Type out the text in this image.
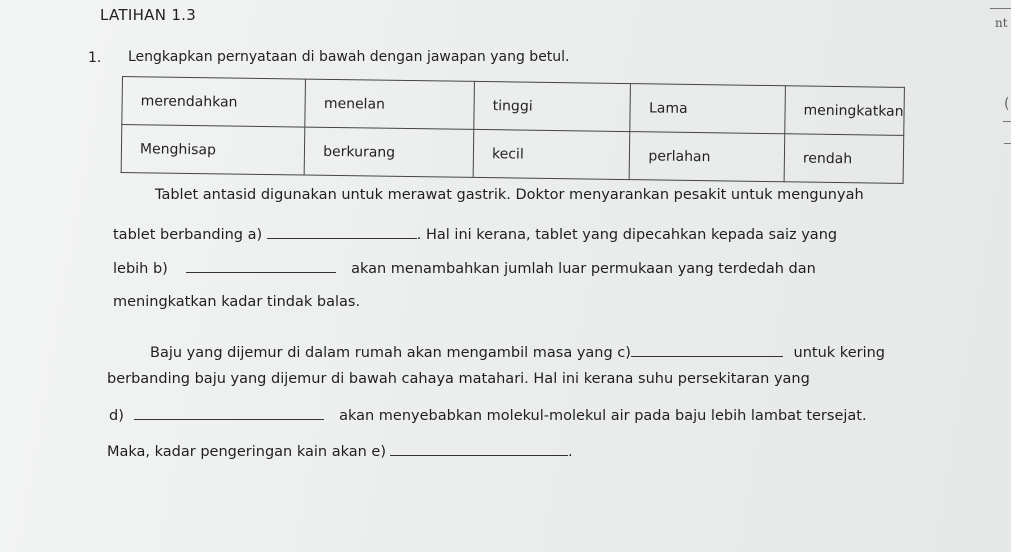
LATIHAN 1.3
1. Lengkapkan pernyataan di bawah dengan jawapan yang betul.
merendahkan	menelan	tinggi	Lama	meningkatkan
Menghisap	berkurang	kecil	perlahan	rendah
Tablet antasid digunakan untuk merawat gastrik. Doktor menyarankan pesakit untuk mengunyah
tablet berbanding a)	. Hal ini kerana, tablet yang dipecahkan kepada saiz yang
lebih b)	akan menambahkan jumlah luar permukaan yang terdedah dan
meningkatkan kadar tindak balas.
Baju yang dijemur di dalam rumah akan mengambil masa yang c)	untuk kering
berbanding baju yang dijemur di bawah cahaya matahari. Hal ini kerana suhu persekitaran yang
d)	akan menyebabkan molekul-molekul air pada baju lebih lambat tersejat.
Maka, kadar pengeringan kain akan e)	.
nt
(
